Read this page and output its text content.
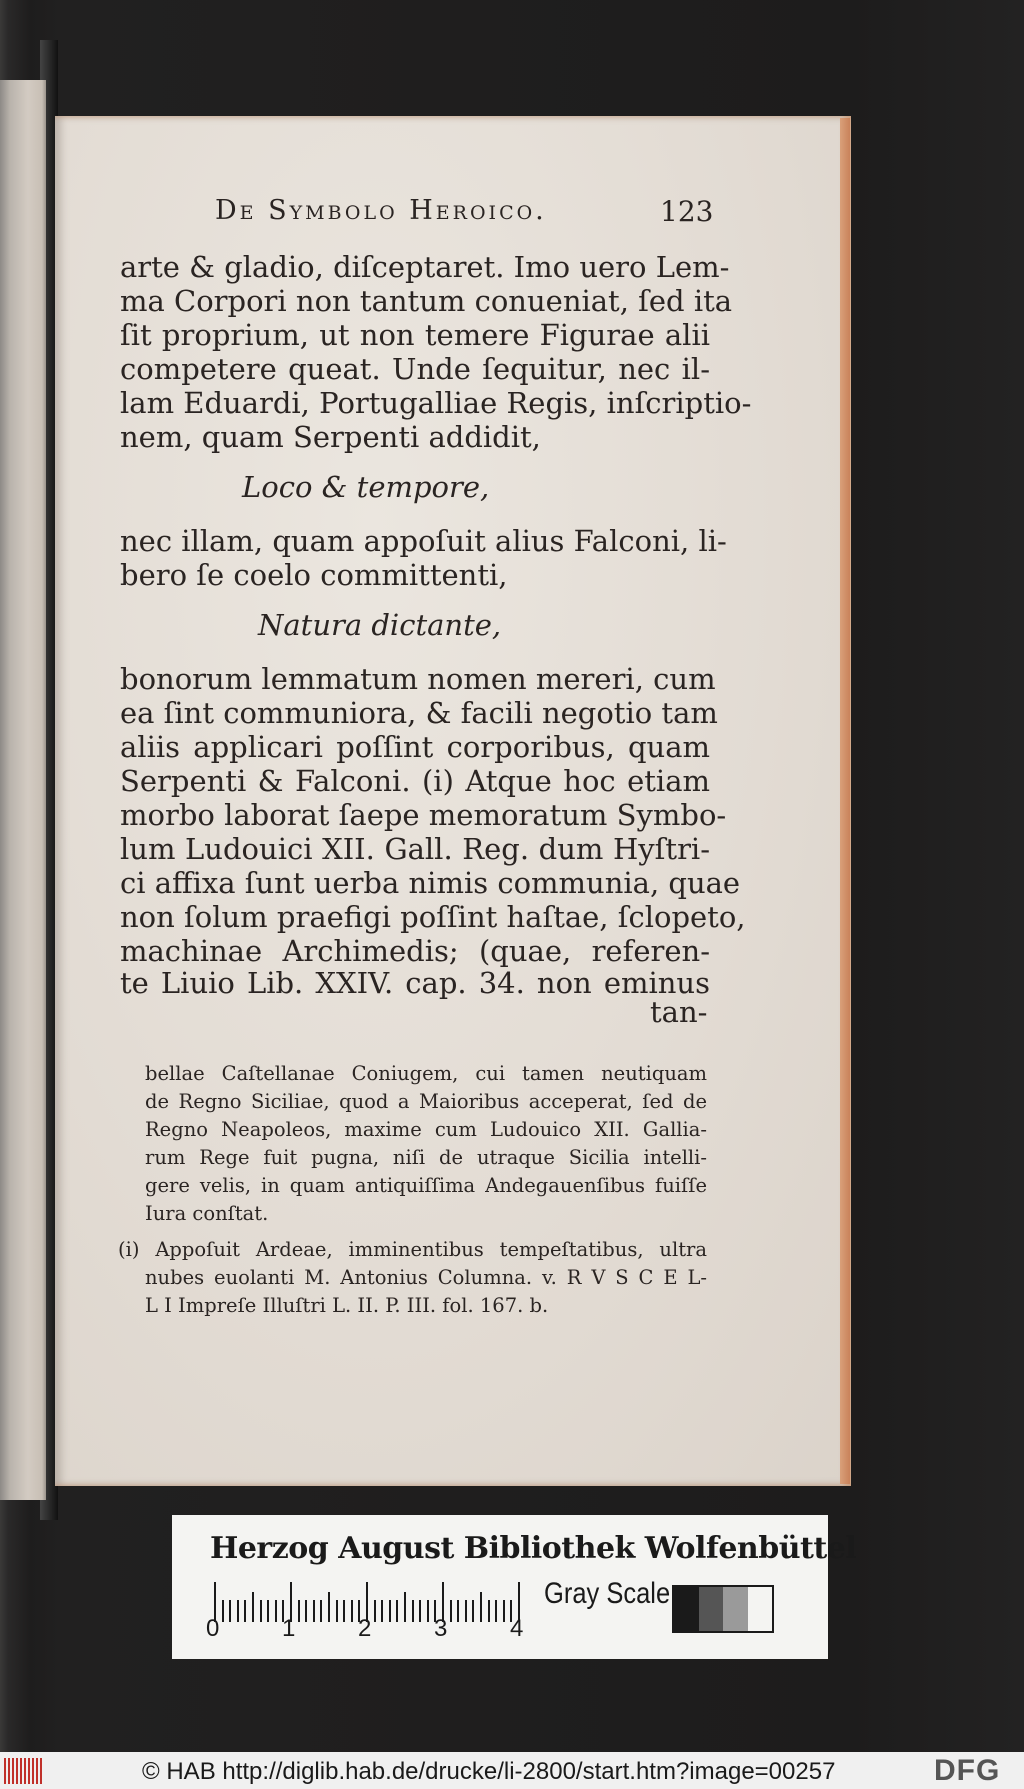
De Symbolo Heroico.	123
arte & gladio, diſceptaret. Imo uero Lem-
ma Corpori non tantum conueniat, ſed ita
ſit proprium, ut non temere Figurae alii
competere queat. Unde ſequitur, nec il-
lam Eduardi, Portugalliae Regis, inſcriptio-
nem, quam Serpenti addidit,
Loco & tempore,
nec illam, quam appoſuit alius Falconi, li-
bero ſe coelo committenti,
Natura dictante,
bonorum lemmatum nomen mereri, cum
ea ſint communiora, & facili negotio tam
aliis applicari poſſint corporibus, quam
Serpenti & Falconi. (i) Atque hoc etiam
morbo laborat ſaepe memoratum Symbo-
lum Ludouici XII. Gall. Reg. dum Hyſtri-
ci affixa ſunt uerba nimis communia, quae
non ſolum praefigi poſſint haſtae, ſclopeto,
machinae Archimedis; (quae, referen-
te Liuio Lib. XXIV. cap. 34. non eminus
tan-
bellae Caſtellanae Coniugem, cui tamen neutiquam
de Regno Siciliae, quod a Maioribus acceperat, ſed de
Regno Neapoleos, maxime cum Ludouico XII. Gallia-
rum Rege fuit pugna, niſi de utraque Sicilia intelli-
gere velis, in quam antiquiſſima Andegauenſibus fuiſſe
Iura conſtat.
(i) Appoſuit Ardeae, imminentibus tempeſtatibus, ultra
nubes euolanti M. Antonius Columna. v. R V S C E L-
L I Impreſe Illuſtri L. II. P. III. fol. 167. b.
Herzog August Bibliothek Wolfenbüttel
0	1	2	3	4
Gray Scale
© HAB http://diglib.hab.de/drucke/li-2800/start.htm?image=00257	DFG
